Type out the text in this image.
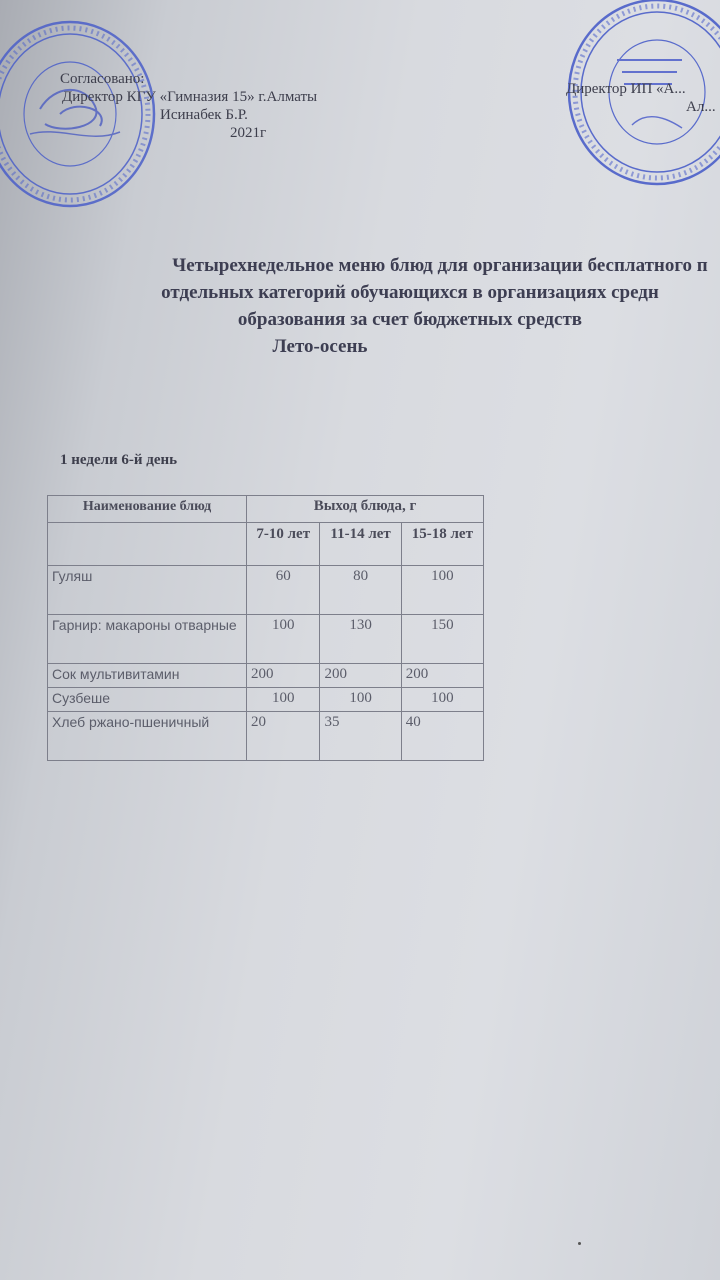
Согласовано:
Директор КГУ «Гимназия 15» г.Алматы
Исинабек Б.Р.
2021г
Директор ИП «А...
Ал...
Четырехнедельное меню блюд для организации бесплатного п
отдельных категорий обучающихся в организациях средн
образования за счет бюджетных средств
Лето-осень
1 недели 6-й день
Наименование блюд	Выход блюда, г		
	7-10 лет	11-14 лет	15-18 лет
Гуляш	60	80	100
Гарнир: макароны отварные	100	130	150
Сок мультивитамин	200	200	200
Сузбеше	100	100	100
Хлеб ржано-пшеничный	20	35	40
